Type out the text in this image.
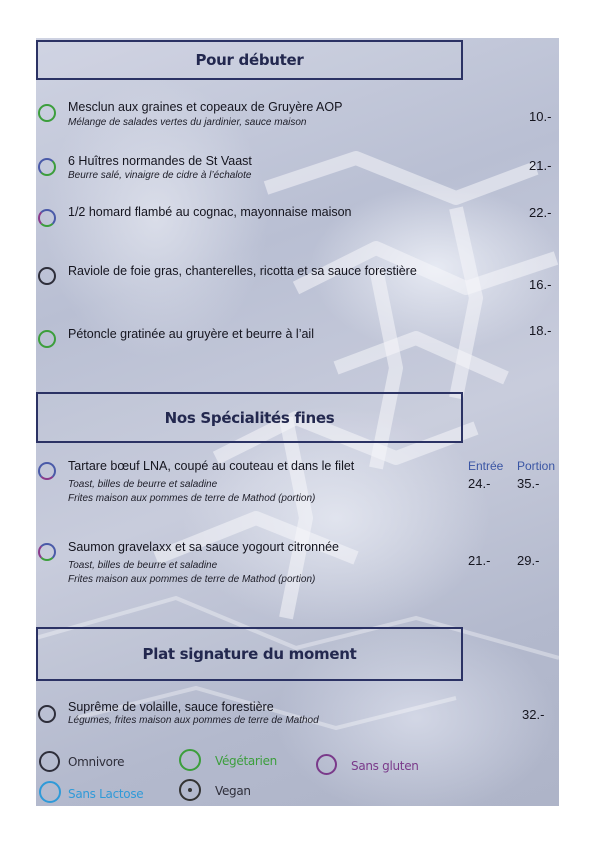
Pour débuter
Mesclun aux graines et copeaux de Gruyère AOP
Mélange de salades vertes du jardinier, sauce maison	10.-
6 Huîtres normandes de St Vaast
Beurre salé, vinaigre de cidre à l’échalote
21.-
1/2 homard flambé au cognac, mayonnaise maison	22.-
Raviole de foie gras, chanterelles, ricotta et sa sauce forestière
16.-
Pétoncle gratinée au gruyère et beurre à l’ail	18.-
Nos Spécialités fines
Entrée Portion
Tartare bœuf LNA, coupé au couteau et dans le filet
Toast, billes de beurre et saladine
Frites maison aux pommes de terre de Mathod (portion)
24.- 35.-
Saumon gravelaxx et sa sauce yogourt citronnée
Toast, billes de beurre et saladine
Frites maison aux pommes de terre de Mathod (portion)
21.- 29.-
Plat signature du moment
Suprême de volaille, sauce forestière
Légumes, frites maison aux pommes de terre de Mathod	32.-
Omnivore	Végétarien	Sans gluten
Sans Lactose	Vegan
